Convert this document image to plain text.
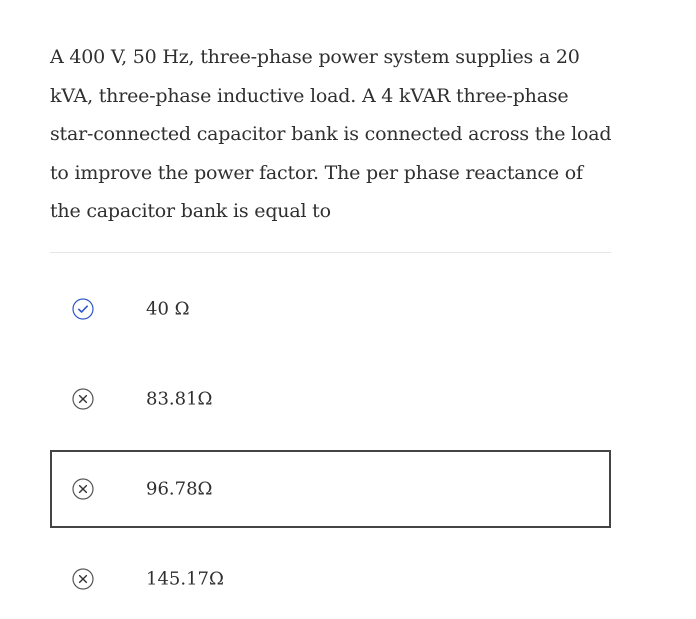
A 400 V, 50 Hz, three-phase power system supplies a 20 kVA, three-phase inductive load. A 4 kVAR three-phase star-connected capacitor bank is connected across the load to improve the power factor. The per phase reactance of the capacitor bank is equal to

40 Ω
83.81Ω
96.78Ω
145.17Ω
